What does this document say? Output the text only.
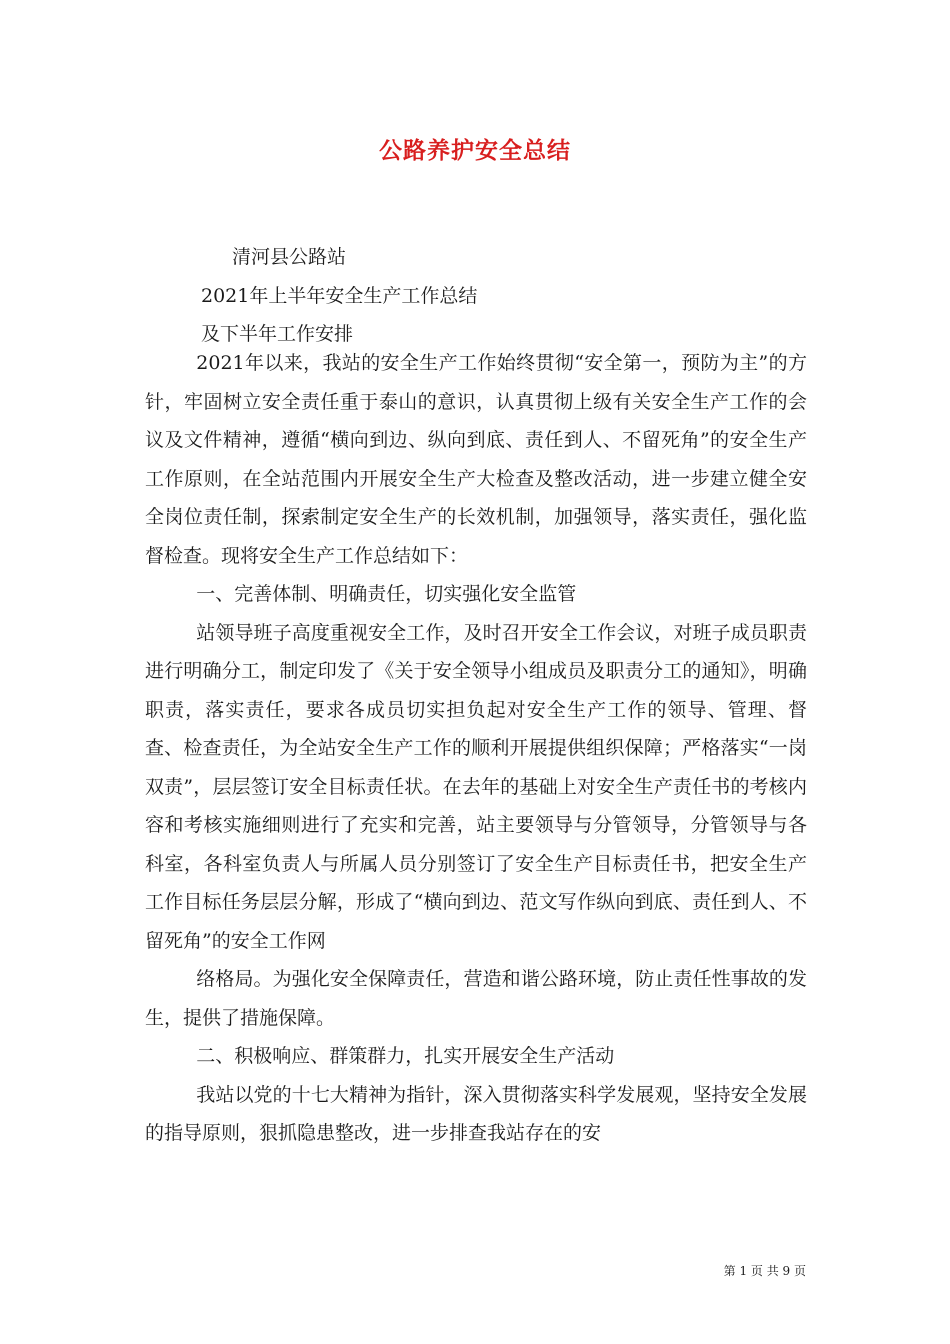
公路养护安全总结
清河县公路站
2021年上半年安全生产工作总结
及下半年工作安排

2021年以来，我站的安全生产工作始终贯彻“安全第一，预防为主”的方针，牢固树立安全责任重于泰山的意识，认真贯彻上级有关安全生产工作的会议及文件精神，遵循“横向到边、纵向到底、责任到人、不留死角”的安全生产工作原则，在全站范围内开展安全生产大检查及整改活动，进一步建立健全安全岗位责任制，探索制定安全生产的长效机制，加强领导，落实责任，强化监督检查。现将安全生产工作总结如下：

一、完善体制、明确责任，切实强化安全监管

站领导班子高度重视安全工作，及时召开安全工作会议，对班子成员职责进行明确分工，制定印发了《关于安全领导小组成员及职责分工的通知》，明确职责，落实责任，要求各成员切实担负起对安全生产工作的领导、管理、督查、检查责任，为全站安全生产工作的顺利开展提供组织保障；严格落实“一岗双责”，层层签订安全目标责任状。在去年的基础上对安全生产责任书的考核内容和考核实施细则进行了充实和完善，站主要领导与分管领导，分管领导与各科室，各科室负责人与所属人员分别签订了安全生产目标责任书，把安全生产工作目标任务层层分解，形成了“横向到边、范文写作纵向到底、责任到人、不留死角”的安全工作网

络格局。为强化安全保障责任，营造和谐公路环境，防止责任性事故的发生，提供了措施保障。

二、积极响应、群策群力，扎实开展安全生产活动

我站以党的十七大精神为指针，深入贯彻落实科学发展观，坚持安全发展的指导原则，狠抓隐患整改，进一步排查我站存在的安

第 1 页 共 9 页
